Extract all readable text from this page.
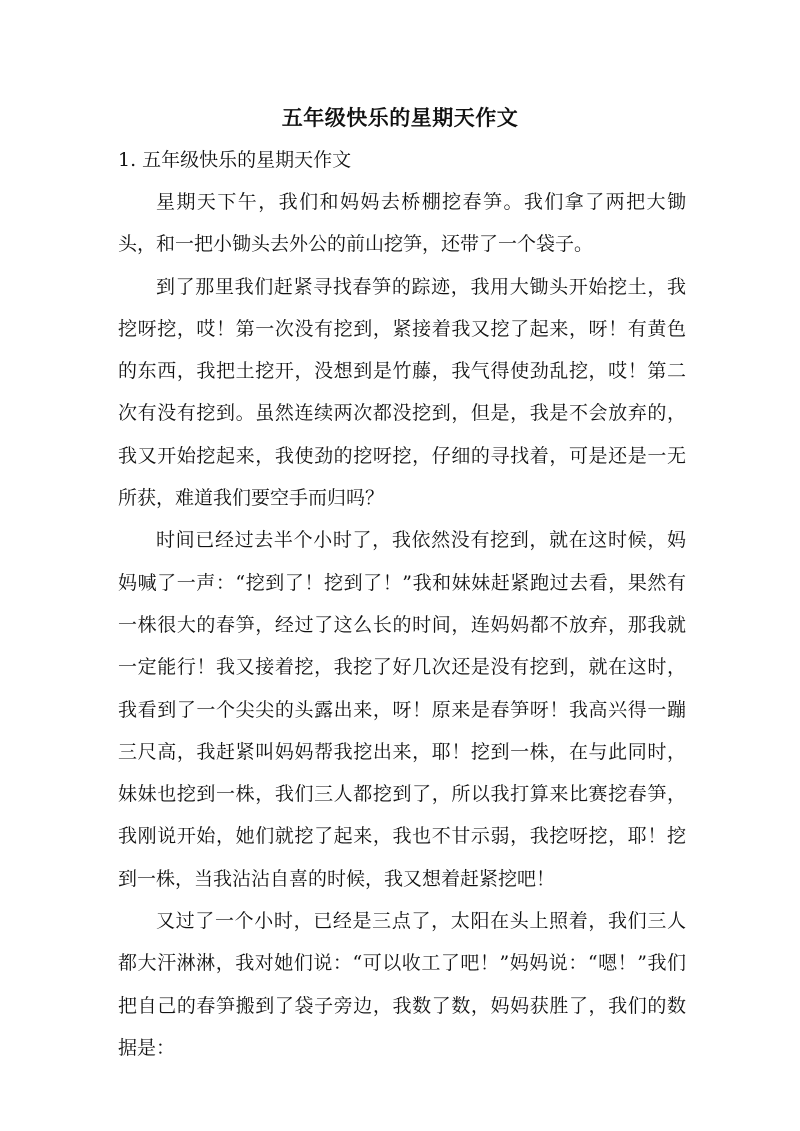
五年级快乐的星期天作文
1. 五年级快乐的星期天作文

星期天下午，我们和妈妈去桥棚挖春笋。我们拿了两把大锄头，和一把小锄头去外公的前山挖笋，还带了一个袋子。

到了那里我们赶紧寻找春笋的踪迹，我用大锄头开始挖土，我挖呀挖，哎！第一次没有挖到，紧接着我又挖了起来，呀！有黄色的东西，我把土挖开，没想到是竹藤，我气得使劲乱挖，哎！第二次有没有挖到。虽然连续两次都没挖到，但是，我是不会放弃的，我又开始挖起来，我使劲的挖呀挖，仔细的寻找着，可是还是一无所获，难道我们要空手而归吗？

时间已经过去半个小时了，我依然没有挖到，就在这时候，妈妈喊了一声：“挖到了！挖到了！”我和妹妹赶紧跑过去看，果然有一株很大的春笋，经过了这么长的时间，连妈妈都不放弃，那我就一定能行！我又接着挖，我挖了好几次还是没有挖到，就在这时，我看到了一个尖尖的头露出来，呀！原来是春笋呀！我高兴得一蹦三尺高，我赶紧叫妈妈帮我挖出来，耶！挖到一株，在与此同时，妹妹也挖到一株，我们三人都挖到了，所以我打算来比赛挖春笋，我刚说开始，她们就挖了起来，我也不甘示弱，我挖呀挖，耶！挖到一株，当我沾沾自喜的时候，我又想着赶紧挖吧！

又过了一个小时，已经是三点了，太阳在头上照着，我们三人都大汗淋淋，我对她们说：“可以收工了吧！”妈妈说：“嗯！”我们把自己的春笋搬到了袋子旁边，我数了数，妈妈获胜了，我们的数据是：
